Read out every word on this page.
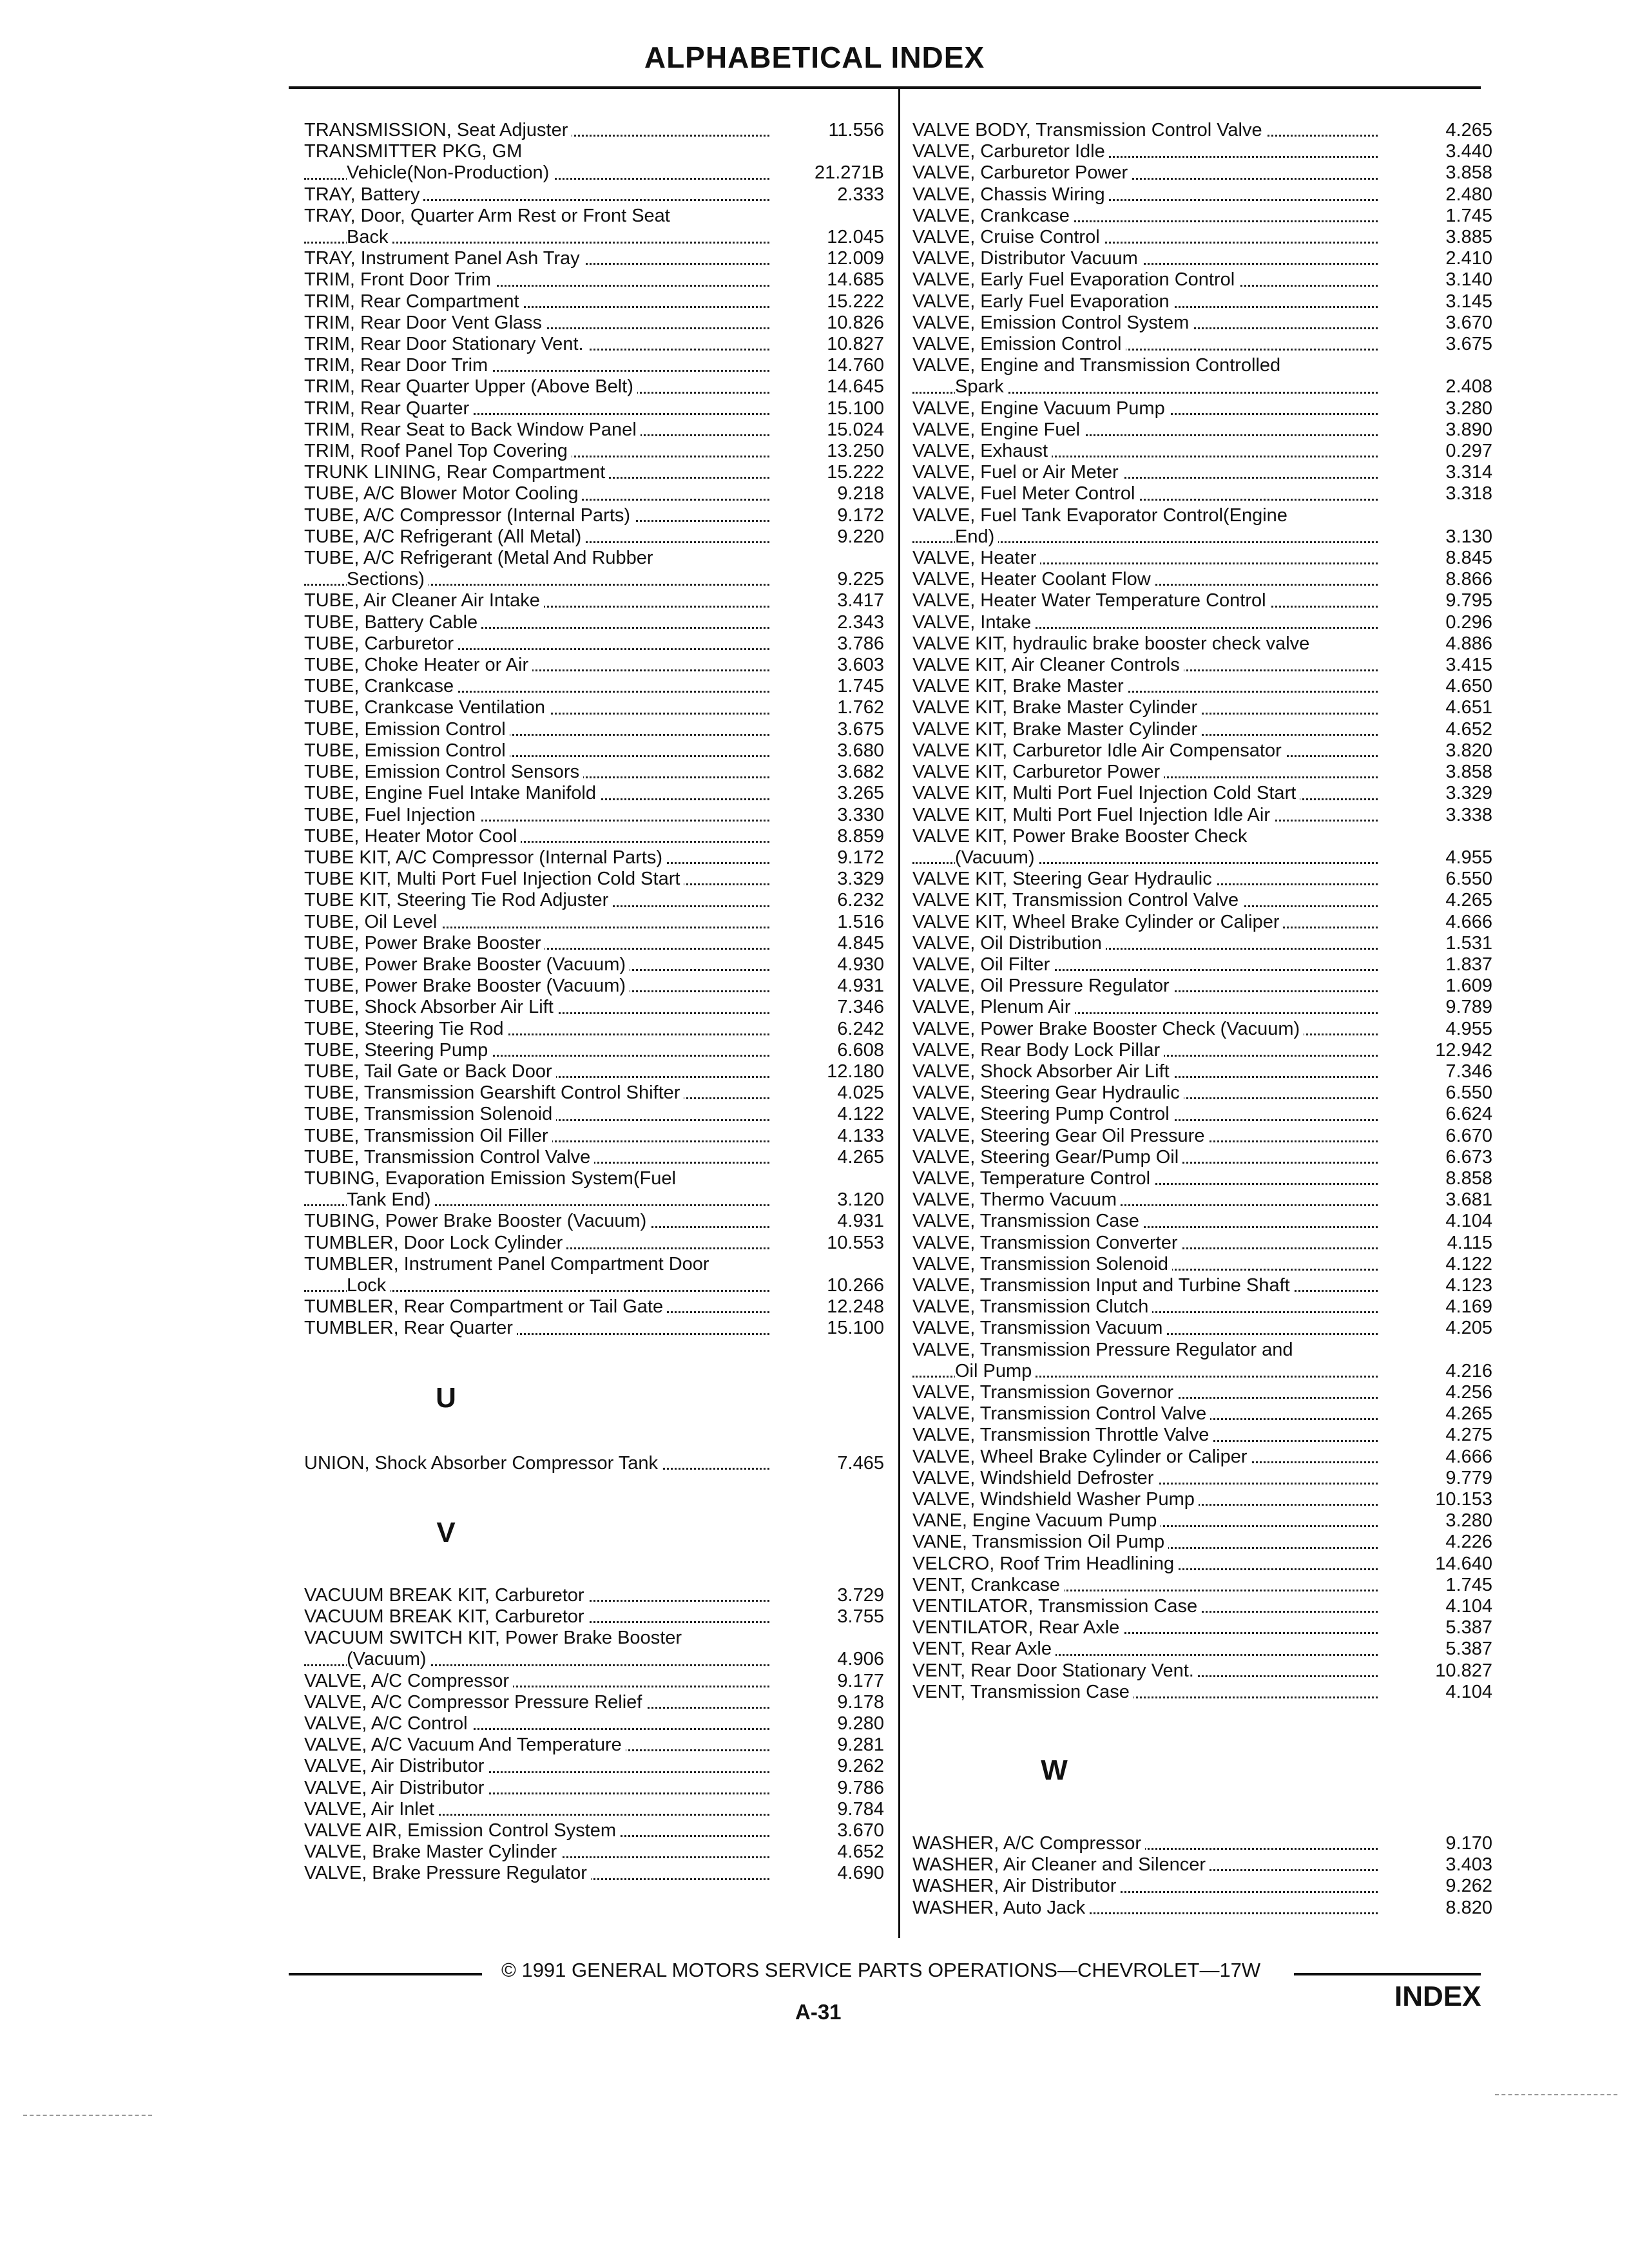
ALPHABETICAL INDEX
TRANSMISSION, Seat Adjuster	11.556
TRANSMITTER PKG, GM
Vehicle(Non-Production)	21.271B
TRAY, Battery	2.333
TRAY, Door, Quarter Arm Rest or Front Seat
Back	12.045
TRAY, Instrument Panel Ash Tray	12.009
TRIM, Front Door Trim	14.685
TRIM, Rear Compartment	15.222
TRIM, Rear Door Vent Glass	10.826
TRIM, Rear Door Stationary Vent.	10.827
TRIM, Rear Door Trim	14.760
TRIM, Rear Quarter Upper (Above Belt)	14.645
TRIM, Rear Quarter	15.100
TRIM, Rear Seat to Back Window Panel	15.024
TRIM, Roof Panel Top Covering	13.250
TRUNK LINING, Rear Compartment	15.222
TUBE, A/C Blower Motor Cooling	9.218
TUBE, A/C Compressor (Internal Parts)	9.172
TUBE, A/C Refrigerant (All Metal)	9.220
TUBE, A/C Refrigerant (Metal And Rubber
Sections)	9.225
TUBE, Air Cleaner Air Intake	3.417
TUBE, Battery Cable	2.343
TUBE, Carburetor	3.786
TUBE, Choke Heater or Air	3.603
TUBE, Crankcase	1.745
TUBE, Crankcase Ventilation	1.762
TUBE, Emission Control	3.675
TUBE, Emission Control	3.680
TUBE, Emission Control Sensors	3.682
TUBE, Engine Fuel Intake Manifold	3.265
TUBE, Fuel Injection	3.330
TUBE, Heater Motor Cool	8.859
TUBE KIT, A/C Compressor (Internal Parts)	9.172
TUBE KIT, Multi Port Fuel Injection Cold Start	3.329
TUBE KIT, Steering Tie Rod Adjuster	6.232
TUBE, Oil Level	1.516
TUBE, Power Brake Booster	4.845
TUBE, Power Brake Booster (Vacuum)	4.930
TUBE, Power Brake Booster (Vacuum)	4.931
TUBE, Shock Absorber Air Lift	7.346
TUBE, Steering Tie Rod	6.242
TUBE, Steering Pump	6.608
TUBE, Tail Gate or Back Door	12.180
TUBE, Transmission Gearshift Control Shifter	4.025
TUBE, Transmission Solenoid	4.122
TUBE, Transmission Oil Filler	4.133
TUBE, Transmission Control Valve	4.265
TUBING, Evaporation Emission System(Fuel
Tank End)	3.120
TUBING, Power Brake Booster (Vacuum)	4.931
TUMBLER, Door Lock Cylinder	10.553
TUMBLER, Instrument Panel Compartment Door
Lock	10.266
TUMBLER, Rear Compartment or Tail Gate	12.248
TUMBLER, Rear Quarter	15.100
U
UNION, Shock Absorber Compressor Tank	7.465
V
VACUUM BREAK KIT, Carburetor	3.729
VACUUM BREAK KIT, Carburetor	3.755
VACUUM SWITCH KIT, Power Brake Booster
(Vacuum)	4.906
VALVE, A/C Compressor	9.177
VALVE, A/C Compressor Pressure Relief	9.178
VALVE, A/C Control	9.280
VALVE, A/C Vacuum And Temperature	9.281
VALVE, Air Distributor	9.262
VALVE, Air Distributor	9.786
VALVE, Air Inlet	9.784
VALVE AIR, Emission Control System	3.670
VALVE, Brake Master Cylinder	4.652
VALVE, Brake Pressure Regulator	4.690
VALVE BODY, Transmission Control Valve	4.265
VALVE, Carburetor Idle	3.440
VALVE, Carburetor Power	3.858
VALVE, Chassis Wiring	2.480
VALVE, Crankcase	1.745
VALVE, Cruise Control	3.885
VALVE, Distributor Vacuum	2.410
VALVE, Early Fuel Evaporation Control	3.140
VALVE, Early Fuel Evaporation	3.145
VALVE, Emission Control System	3.670
VALVE, Emission Control	3.675
VALVE, Engine and Transmission Controlled
Spark	2.408
VALVE, Engine Vacuum Pump	3.280
VALVE, Engine Fuel	3.890
VALVE, Exhaust	0.297
VALVE, Fuel or Air Meter	3.314
VALVE, Fuel Meter Control	3.318
VALVE, Fuel Tank Evaporator Control(Engine
End)	3.130
VALVE, Heater	8.845
VALVE, Heater Coolant Flow	8.866
VALVE, Heater Water Temperature Control	9.795
VALVE, Intake	0.296
VALVE KIT, hydraulic brake booster check valve	4.886
VALVE KIT, Air Cleaner Controls	3.415
VALVE KIT, Brake Master	4.650
VALVE KIT, Brake Master Cylinder	4.651
VALVE KIT, Brake Master Cylinder	4.652
VALVE KIT, Carburetor Idle Air Compensator	3.820
VALVE KIT, Carburetor Power	3.858
VALVE KIT, Multi Port Fuel Injection Cold Start	3.329
VALVE KIT, Multi Port Fuel Injection Idle Air	3.338
VALVE KIT, Power Brake Booster Check
(Vacuum)	4.955
VALVE KIT, Steering Gear Hydraulic	6.550
VALVE KIT, Transmission Control Valve	4.265
VALVE KIT, Wheel Brake Cylinder or Caliper	4.666
VALVE, Oil Distribution	1.531
VALVE, Oil Filter	1.837
VALVE, Oil Pressure Regulator	1.609
VALVE, Plenum Air	9.789
VALVE, Power Brake Booster Check (Vacuum)	4.955
VALVE, Rear Body Lock Pillar	12.942
VALVE, Shock Absorber Air Lift	7.346
VALVE, Steering Gear Hydraulic	6.550
VALVE, Steering Pump Control	6.624
VALVE, Steering Gear Oil Pressure	6.670
VALVE, Steering Gear/Pump Oil	6.673
VALVE, Temperature Control	8.858
VALVE, Thermo Vacuum	3.681
VALVE, Transmission Case	4.104
VALVE, Transmission Converter	4.115
VALVE, Transmission Solenoid	4.122
VALVE, Transmission Input and Turbine Shaft	4.123
VALVE, Transmission Clutch	4.169
VALVE, Transmission Vacuum	4.205
VALVE, Transmission Pressure Regulator and
Oil Pump	4.216
VALVE, Transmission Governor	4.256
VALVE, Transmission Control Valve	4.265
VALVE, Transmission Throttle Valve	4.275
VALVE, Wheel Brake Cylinder or Caliper	4.666
VALVE, Windshield Defroster	9.779
VALVE, Windshield Washer Pump	10.153
VANE, Engine Vacuum Pump	3.280
VANE, Transmission Oil Pump	4.226
VELCRO, Roof Trim Headlining	14.640
VENT, Crankcase	1.745
VENTILATOR, Transmission Case	4.104
VENTILATOR, Rear Axle	5.387
VENT, Rear Axle	5.387
VENT, Rear Door Stationary Vent.	10.827
VENT, Transmission Case	4.104
W
WASHER, A/C Compressor	9.170
WASHER, Air Cleaner and Silencer	3.403
WASHER, Air Distributor	9.262
WASHER, Auto Jack	8.820
© 1991 GENERAL MOTORS SERVICE PARTS OPERATIONS—CHEVROLET—17W
A-31	INDEX
